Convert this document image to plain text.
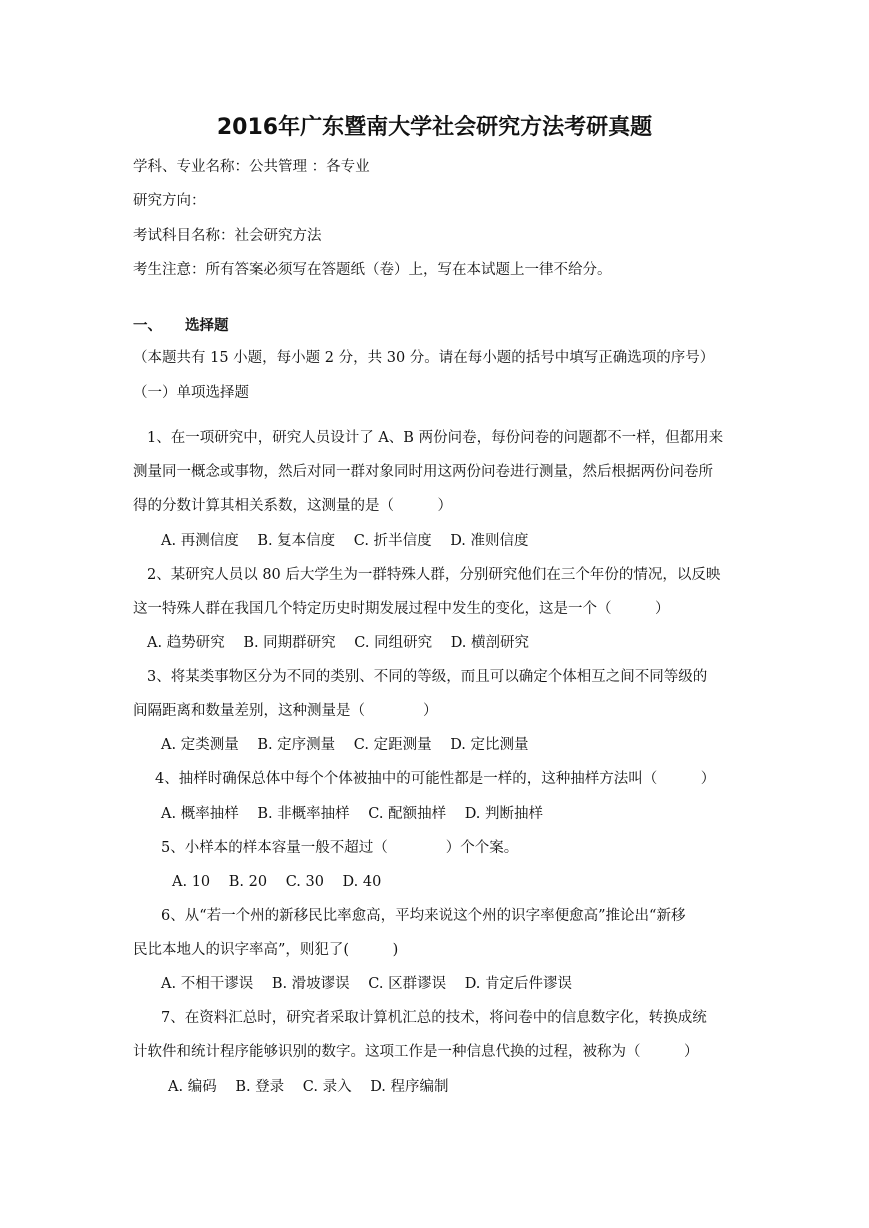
2016年广东暨南大学社会研究方法考研真题
学科、专业名称：公共管理 ：各专业
研究方向：
考试科目名称：社会研究方法
考生注意：所有答案必须写在答题纸（卷）上，写在本试题上一律不给分。
一、 选择题
（本题共有 15 小题，每小题 2 分，共 30 分。请在每小题的括号中填写正确选项的序号）
（一）单项选择题
1、在一项研究中，研究人员设计了 A、B 两份问卷，每份问卷的问题都不一样，但都用来
测量同一概念或事物，然后对同一群对象同时用这两份问卷进行测量，然后根据两份问卷所
得的分数计算其相关系数，这测量的是（　　　）
A. 再测信度 B. 复本信度 C. 折半信度 D. 准则信度
2、某研究人员以 80 后大学生为一群特殊人群，分别研究他们在三个年份的情况，以反映
这一特殊人群在我国几个特定历史时期发展过程中发生的变化，这是一个（　　　）
A. 趋势研究 B. 同期群研究 C. 同组研究 D. 横剖研究
3、将某类事物区分为不同的类别、不同的等级，而且可以确定个体相互之间不同等级的
间隔距离和数量差别，这种测量是（　　　　）
A. 定类测量 B. 定序测量 C. 定距测量 D. 定比测量
4、抽样时确保总体中每个个体被抽中的可能性都是一样的，这种抽样方法叫（　　　）
A. 概率抽样 B. 非概率抽样 C. 配额抽样 D. 判断抽样
5、小样本的样本容量一般不超过（　　　　）个个案。
A. 10 B. 20 C. 30 D. 40
6、从“若一个州的新移民比率愈高，平均来说这个州的识字率便愈高”推论出“新移
民比本地人的识字率高”，则犯了(　　　)
A. 不相干谬误 B. 滑坡谬误 C. 区群谬误 D. 肯定后件谬误
7、在资料汇总时，研究者采取计算机汇总的技术，将问卷中的信息数字化，转换成统
计软件和统计程序能够识别的数字。这项工作是一种信息代换的过程，被称为（　　　）
A. 编码 B. 登录 C. 录入 D. 程序编制
